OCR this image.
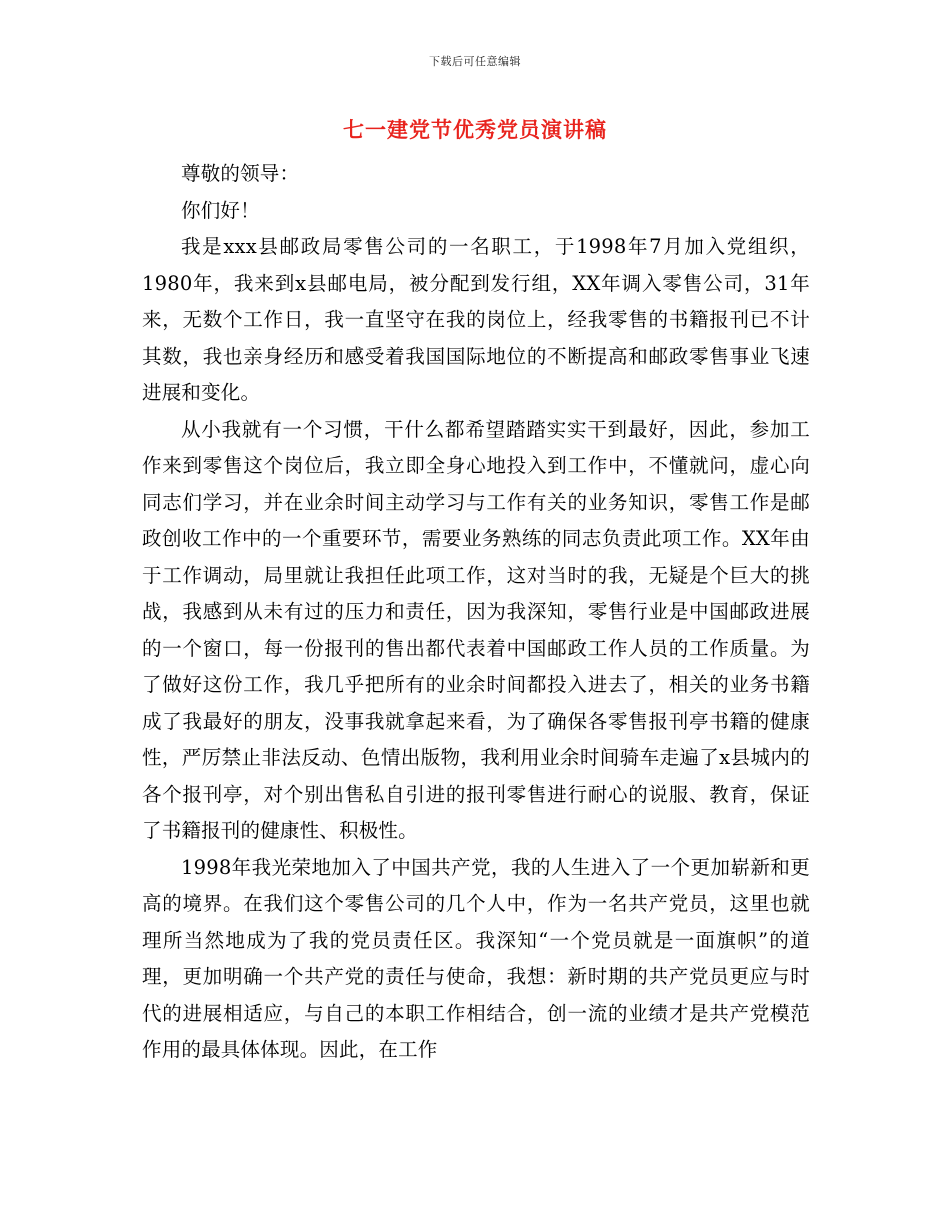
下载后可任意编辑
七一建党节优秀党员演讲稿

尊敬的领导：

你们好！

我是xxx县邮政局零售公司的一名职工，于1998年7月加入党组织，1980年，我来到x县邮电局，被分配到发行组，XX年调入零售公司，31年来，无数个工作日，我一直坚守在我的岗位上，经我零售的书籍报刊已不计其数，我也亲身经历和感受着我国国际地位的不断提高和邮政零售事业飞速进展和变化。

从小我就有一个习惯，干什么都希望踏踏实实干到最好，因此，参加工作来到零售这个岗位后，我立即全身心地投入到工作中，不懂就问，虚心向同志们学习，并在业余时间主动学习与工作有关的业务知识，零售工作是邮政创收工作中的一个重要环节，需要业务熟练的同志负责此项工作。XX年由于工作调动，局里就让我担任此项工作，这对当时的我，无疑是个巨大的挑战，我感到从未有过的压力和责任，因为我深知，零售行业是中国邮政进展的一个窗口，每一份报刊的售出都代表着中国邮政工作人员的工作质量。为了做好这份工作，我几乎把所有的业余时间都投入进去了，相关的业务书籍成了我最好的朋友，没事我就拿起来看，为了确保各零售报刊亭书籍的健康性，严厉禁止非法反动、色情出版物，我利用业余时间骑车走遍了x县城内的各个报刊亭，对个别出售私自引进的报刊零售进行耐心的说服、教育，保证了书籍报刊的健康性、积极性。

1998年我光荣地加入了中国共产党，我的人生进入了一个更加崭新和更高的境界。在我们这个零售公司的几个人中，作为一名共产党员，这里也就理所当然地成为了我的党员责任区。我深知“一个党员就是一面旗帜”的道理，更加明确一个共产党的责任与使命，我想：新时期的共产党员更应与时代的进展相适应，与自己的本职工作相结合，创一流的业绩才是共产党模范作用的最具体体现。因此，在工作
